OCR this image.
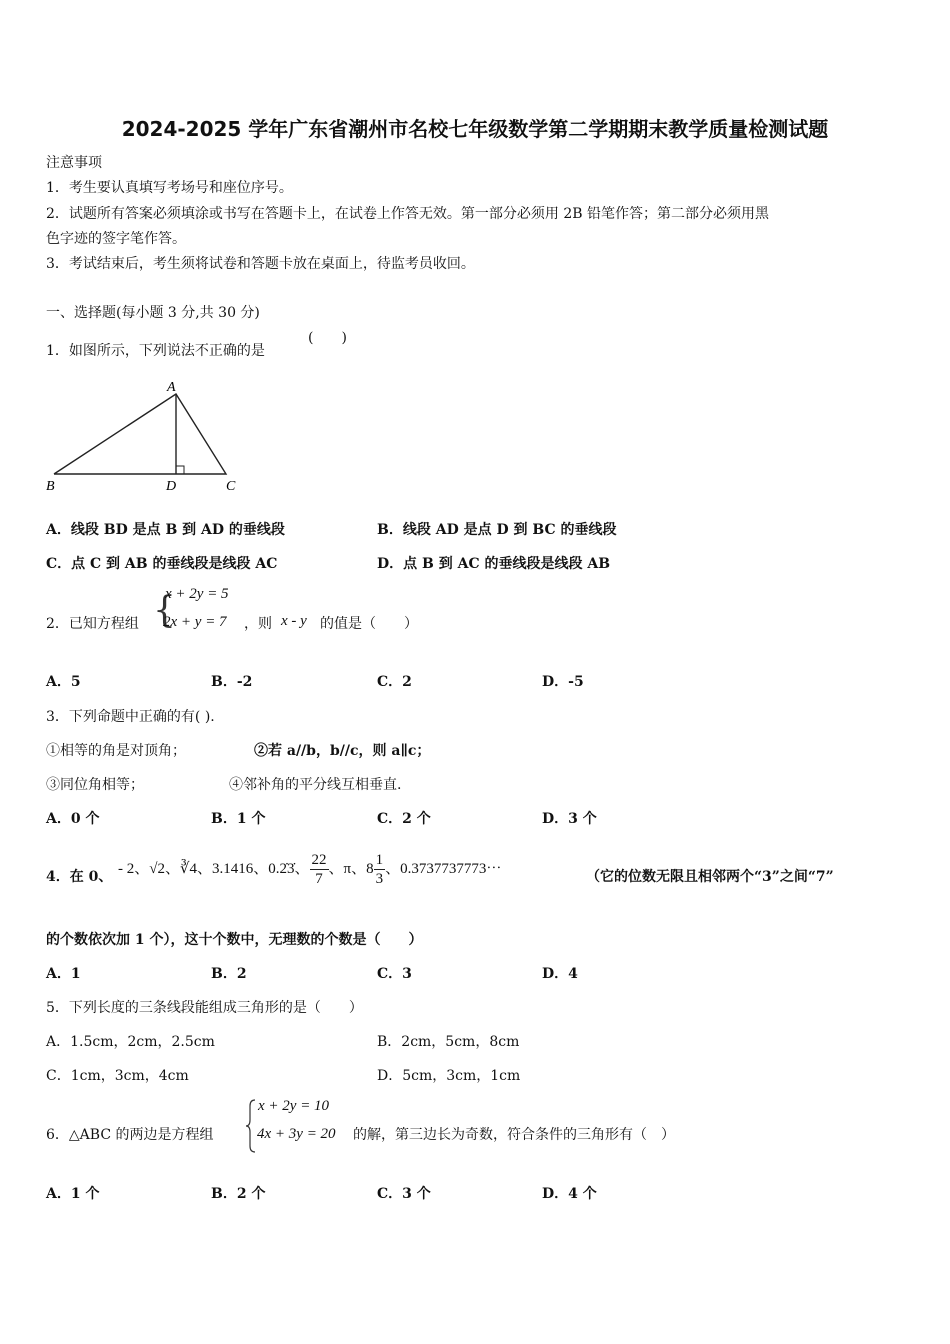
2024-2025 学年广东省潮州市名校七年级数学第二学期期末教学质量检测试题
注意事项
1．考生要认真填写考场号和座位序号。
2．试题所有答案必须填涂或书写在答题卡上，在试卷上作答无效。第一部分必须用 2B 铅笔作答；第二部分必须用黑
色字迹的签字笔作答。
3．考试结束后，考生须将试卷和答题卡放在桌面上，待监考员收回。
一、选择题(每小题 3 分,共 30 分)
1．如图所示，下列说法不正确的是
(　　)
A
B	D	C
A．线段 BD 是点 B 到 AD 的垂线段	B．线段 AD 是点 D 到 BC 的垂线段
C．点 C 到 AB 的垂线段是线段 AC	D．点 B 到 AC 的垂线段是线段 AB
2．已知方程组 {
x + 2y = 5
2x + y = 7 ，则 x - y 的值是（　　）
A．5	B．-2	C．2	D．-5
3．下列命题中正确的有( ).
①相等的角是对顶角；	②若 a//b，b//c，则 a∥c；
③同位角相等；	④邻补角的平分线互相垂直.
A．0 个	B．1 个	C．2 个	D．3 个
4．在 0、
- 2、√2、∛4、3.1416、0.2̇3̇、 $\frac{22}{7}$ 、π、$8 \frac{1}{3}$ 、0.3737737773⋯
（它的位数无限且相邻两个“3”之间“7”
的个数依次加 1 个），这十个数中，无理数的个数是（　　）
A．1	B．2	C．3	D．4
5．下列长度的三条线段能组成三角形的是（　　）
A．1.5cm，2cm，2.5cm	B．2cm，5cm，8cm
C．1cm，3cm，4cm	D．5cm，3cm，1cm
6．△ABC 的两边是方程组
x + 2y = 10
4x + 3y = 20 的解，第三边长为奇数，符合条件的三角形有（　）
A．1 个	B．2 个	C．3 个	D．4 个
